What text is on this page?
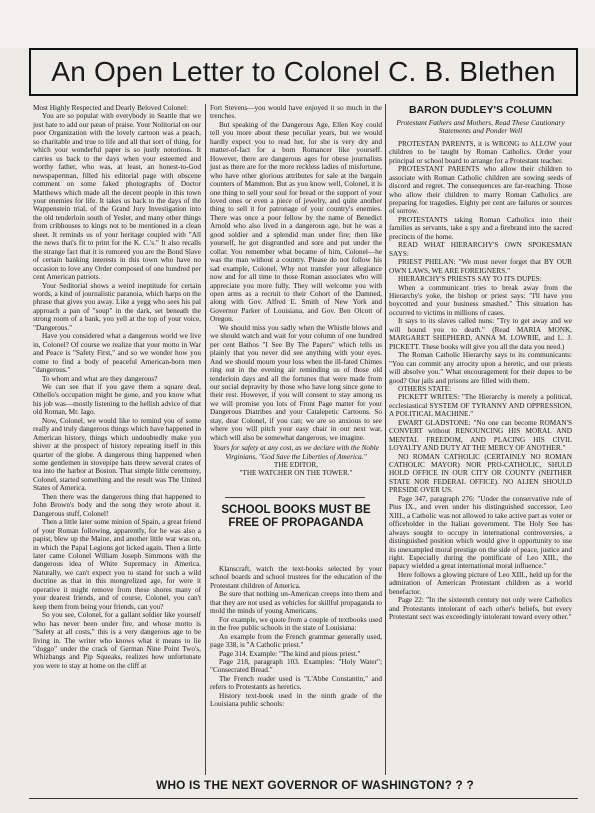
An Open Letter to Colonel C. B. Blethen

Most Highly Respected and Dearly Beloved Colonel:

You are so popular with everybody in Seattle that we just hate to add our pæan of praise. Your Nolitorial on our poor Organization with the lovely cartoon was a peach, so charitable and true to life and all that sort of thing, for which your wonderful paper is so justly notorious. It carries us back to the days when your esteemed and worthy father, who was, at least, an honest-to-God newspaperman, filled his editorial page with obscene comment on some faked photographs of Doctor Matthews which made all the decent people in this town your enemies for life. It takes us back to the days of the Wappenstein trial, of the Grand Jury Investigation into the old tenderloin south of Yesler, and many other things from cribhouses to kings not to be mentioned in a clean sheet. It reminds us of your heritage coupled with "All the news that's fit to print for the K. C.'s." It also recalls the strange fact that it is rumored you are the Bond Slave of certain banking interests in this town who have no occasion to love any Order composed of one hundred per cent American patriots.

Your Seditorial shows a weird ineptitude for certain words, a kind of journalistic paranoia, which harps on the phrase that gives you away. Like a yegg who sees his pal approach a pan of "soup" in the dark, set beneath the strong room of a bank, you yell at the top of your voice, "Dangerous."

Have you considered what a dangerous world we live in, Colonel? Of course we realize that your motto in War and Peace is "Safety First," and so we wonder how you come to find a body of peaceful American-born men "dangerous."

To whom and what are they dangerous?

We can see that if you gave them a square deal, Othello's occupation might be gone, and you know what his job was—mostly listening to the hellish advice of that old Roman, Mr. Iago.

Now, Colonel, we would like to remind you of some really and truly dangerous things which have happened in American history, things which undoubtedly make you shiver at the prospect of history repeating itself in this quarter of the globe. A dangerous thing happened when some gentlemen in stovepipe hats threw several crates of tea into the harbor at Boston. That simple little ceremony, Colonel, started something and the result was The United States of America.

Then there was the dangerous thing that happened to John Brown's body and the song they wrote about it. Dangerous stuff, Colonel!

Then a little later some minion of Spain, a great friend of your Roman following, apparently, for he was also a papist, blew up the Maine, and another little war was on, in which the Papal Legions got licked again. Then a little later came Colonel William Joseph Simmons with the dangerous idea of White Supremacy in America. Naturally, we can't expect you to stand for such a wild doctrine as that in this mongrelized age, for were it operative it might remove from these shores many of your dearest friends, and of course, Colonel, you can't keep them from being your friends, can you?

So you see, Colonel, for a gallant soldier like yourself who has never been under fire, and whose motto is "Safety at all costs," this is a very dangerous age to be living in. The writer who knows what it means to lie "doggo" under the crack of German Nine Point Two's, Whizbangs and Pip Squeaks, realizes how unfortunate you were to stay at home on the cliff at

Fort Stevens—you would have enjoyed it so much in the trenches.

But speaking of the Dangerous Age, Ellen Key could tell you more about these peculiar years, but we would hardly expect you to read her, for she is very dry and matter-of-fact for a born Romancer like yourself. However, there are dangerous ages for obese journalists just as there are for the more reckless ladies of misfortune, who have other glorious attributes for sale at the bargain counters of Mammon. But as you know well, Colonel, it is one thing to sell your soul for bread or the support of your loved ones or even a piece of jewelry, and quite another thing to sell it for patronage of your country's enemies. There was once a poor fellow by the name of Benedict Arnold who also lived in a dangerous age, but he was a good soldier and a splendid man under fire; then like yourself, he got disgruntled and sore and put under the collar. You remember what became of him, Colonel—he was the man without a country. Please do not follow his sad example, Colonel. Why not transfer your allegiance now and for all time to those Roman associates who will appreciate you more fully. They will welcome you with open arms as a recruit to their Cohort of the Damned, along with Gov. Alfred E. Smith of New York and Governor Parker of Louisiana, and Gov. Ben Olcott of Oregon.

We should miss you sadly when the Whistle blows and we should watch and wait for your column of one hundred per cent Bathos "I See By The Papers" which tells us plainly that you never did see anything with your eyes. And we should mourn your loss when the ill-fated Chimes ring out in the evening air reminding us of those old tenderloin days and all the fortunes that were made from our social depravity by those who have long since gone to their rest. However, if you will consent to stay among us we will promise you lots of Front Page matter for your Dangerous Diatribes and your Catalepetic Cartoons. So stay, dear Colonel, if you can; we are so anxious to see where you will pitch your easy chair in our next war, which will also be somewhat dangerous, we imagine.

Yours for safety at any cost, as we declare with the Noble Virginians, "God Save the Liberties of America."

THE EDITOR,

"THE WATCHER ON THE TOWER."

SCHOOL BOOKS MUST BE FREE OF PROPAGANDA

Klanscraft, watch the text-books selected by your school boards and school trustees for the education of the Protestant children of America.

Be sure that nothing un-American creeps into them and that they are not used as vehicles for skillful propaganda to mold the minds of young Americans.

For example, we quote from a couple of textbooks used in the free public schools in the state of Louisiana:

An example from the French grammar generally used, page 338, is "A Catholic priest."

Page 314. Example: "The kind and pious priest."

Page 218, paragraph 103. Examples: "Holy Water"; "Consecrated Bread."

The French reader used is "L'Abbe Constantin," and refers to Protestants as heretics.

History text-book used in the ninth grade of the Louisiana public schools:

BARON DUDLEY'S COLUMN
Protestant Fathers and Mothers, Read These Cautionary Statements and Ponder Well

PROTESTAN PARENTS, it is WRONG to ALLOW your children to be taught by Roman Catholics. Order your principal or school board to arrange for a Protestant teacher.

PROTESTANT PARENTS who allow their children to associate with Roman Catholic children are sowing seeds of discord and regret. The consequences are far-reaching. Those who allow their children to marry Roman Catholics are preparing for tragedies. Eighty per cent are failures or sources of sorrow.

PROTESTANTS taking Roman Catholics into their families as servants, take a spy and a firebrand into the sacred precincts of the home.

READ WHAT HIERARCHY'S OWN SPOKESMAN SAYS:

PRIEST PHELAN: "We must never forget that BY OUR OWN LAWS, WE ARE FOREIGNERS."

HIERARCHY'S PRIESTS SAY TO ITS DUPES:

When a communicant tries to break away from the Hierarchy's yoke, the bishop or priest says: "I'll have you boycotted and your business smashed." This situation has occurred to victims in millions of cases.

It says to its slaves called nuns: "Try to get away and we will hound you to death." (Read MARIA MONK, MARGARET SHEPHERD, ANNA M. LOWRIE, and L. J. PICKETT. These books will give you all the data you need.)

The Roman Catholic Hierarchy says to its communicants: "You can commit any atrocity upon a heretic, and our priests will absolve you." What encouragement for their dupes to be good? Our jails and prisons are filled with them.

OTHERS STATE:

PICKETT WRITES: "The Hierarchy is merely a political, ecclesiastical SYSTEM OF TYRANNY AND OPPRESSION, A POLITICAL MACHINE."

EWART GLADSTONE: "No one can become ROMAN'S CONVERT without RENOUNCING HIS MORAL AND MENTAL FREEDOM, AND PLACING HIS CIVIL LOYALTY AND DUTY AT THE MERCY OF ANOTHER."

NO ROMAN CATHOLIC (CERTAINLY NO ROMAN CATHOLIC MAYOR) NOR PRO-CATHOLIC, SHULD HOLD OFFICE IN OUR CITY OR COUNTY (NEITHER STATE NOR FEDERAL OFFICE). NO ALIEN SHOULD PRESIDE OVER US.

Page 347, paragraph 276: "Under the conservative rule of Pius IX., and even under his distinguished successor, Leo XIII., a Catholic was not allowed to take active part as voter or officeholder in the Italian government. The Holy See has always sought to occupy in international controversies, a distinguished position which would give it opportunity to use its unexampled moral prestige on the side of peace, justice and right. Especially during the pontificate of Leo XIII., the papacy wielded a great international moral influence."

Here follows a glowing picture of Leo XIII., held up for the admiration of American Protestant children as a world benefactor.

Page 22: "In the sixteenth century not only were Catholics and Protestants intolerant of each other's beliefs, but every Protestant sect was exceedingly intolerant toward every other."

WHO IS THE NEXT GOVERNOR OF WASHINGTON? ? ?
